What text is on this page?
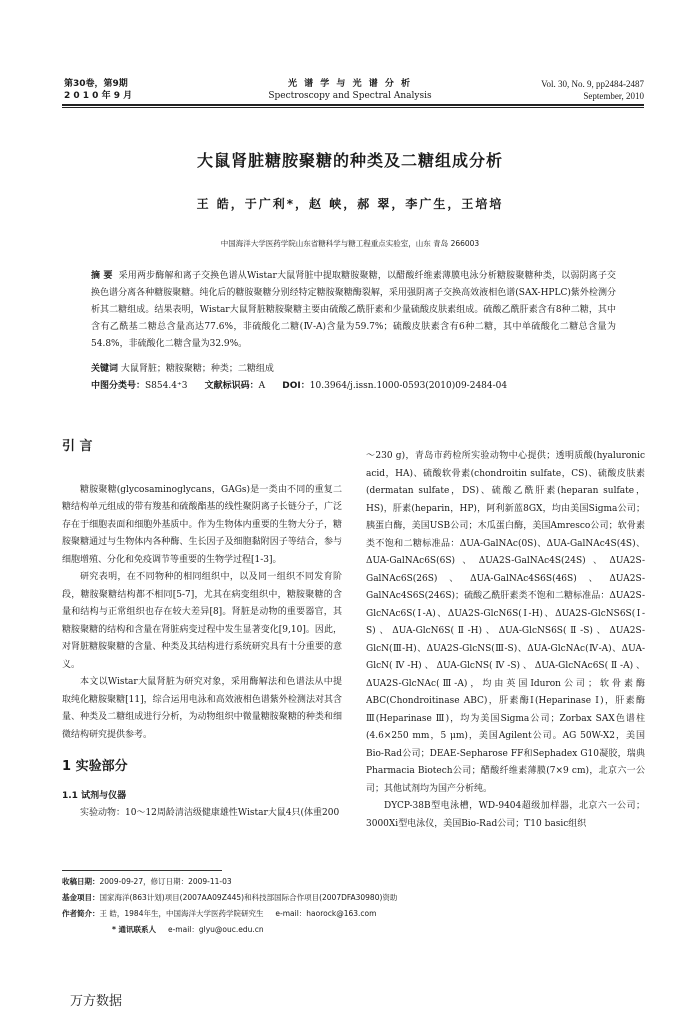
第30卷，第9期
2 0 1 0 年 9 月
光 谱 学 与 光 谱 分 析
Spectroscopy and Spectral Analysis
Vol. 30, No. 9, pp2484-2487
September, 2010
大鼠肾脏糖胺聚糖的种类及二糖组成分析
王 皓，于广利*，赵 峡，郝 翠，李广生，王培培
中国海洋大学医药学院山东省糖科学与糖工程重点实验室，山东 青岛 266003

摘 要 采用两步酶解和离子交换色谱从Wistar大鼠肾脏中提取糖胺聚糖，以醋酸纤维素薄膜电泳分析糖胺聚糖种类，以弱阴离子交换色谱分离各种糖胺聚糖。纯化后的糖胺聚糖分别经特定糖胺聚糖酶裂解，采用强阴离子交换高效液相色谱(SAX-HPLC)紫外检测分析其二糖组成。结果表明，Wistar大鼠肾脏糖胺聚糖主要由硫酸乙酰肝素和少量硫酸皮肤素组成。硫酸乙酰肝素含有8种二糖，其中含有乙酰基二糖总含量高达77.6%，非硫酸化二糖(Ⅳ-A)含量为59.7%；硫酸皮肤素含有6种二糖，其中单硫酸化二糖总含量为54.8%，非硫酸化二糖含量为32.9%。

关键词 大鼠肾脏；糖胺聚糖；种类；二糖组成
中图分类号：S854.4⁺3 文献标识码：A DOI：10.3964/j.issn.1000-0593(2010)09-2484-04
引 言

糖胺聚糖(glycosaminoglycans，GAGs)是一类由不同的重复二糖结构单元组成的带有羧基和硫酸酯基的线性聚阴离子长链分子，广泛存在于细胞表面和细胞外基质中。作为生物体内重要的生物大分子，糖胺聚糖通过与生物体内各种酶、生长因子及细胞黏附因子等结合，参与细胞增殖、分化和免疫调节等重要的生物学过程[1-3]。

研究表明，在不同物种的相同组织中，以及同一组织不同发育阶段，糖胺聚糖结构都不相同[5-7]，尤其在病变组织中，糖胺聚糖的含量和结构与正常组织也存在较大差异[8]。肾脏是动物的重要器官，其糖胺聚糖的结构和含量在肾脏病变过程中发生显著变化[9,10]。因此，对肾脏糖胺聚糖的含量、种类及其结构进行系统研究具有十分重要的意义。

本文以Wistar大鼠肾脏为研究对象，采用酶解法和色谱法从中提取纯化糖胺聚糖[11]，综合运用电泳和高效液相色谱紫外检测法对其含量、种类及二糖组成进行分析，为动物组织中微量糖胺聚糖的种类和细微结构研究提供参考。

1 实验部分
1.1 试剂与仪器

实验动物：10～12周龄清洁级健康雄性Wistar大鼠4只(体重200

～230 g)，青岛市药检所实验动物中心提供；透明质酸(hyaluronic acid，HA)、硫酸软骨素(chondroitin sulfate，CS)、硫酸皮肤素(dermatan sulfate，DS)、硫酸乙酰肝素(heparan sulfate，HS)，肝素(heparin，HP)，阿利新蓝8GX，均由美国Sigma公司；胰蛋白酶，美国USB公司；木瓜蛋白酶，美国Amresco公司；软骨素类不饱和二糖标准品：ΔUA-GalNAc(0S)、ΔUA-GalNAc4S(4S)、ΔUA-GalNAc6S(6S)、ΔUA2S-GalNAc4S(24S)、ΔUA2S-GalNAc6S(26S)、ΔUA-GalNAc4S6S(46S)、ΔUA2S-GalNAc4S6S(246S)；硫酸乙酰肝素类不饱和二糖标准品：ΔUA2S-GlcNAc6S(Ⅰ-A)、ΔUA2S-GlcN6S(Ⅰ-H)、ΔUA2S-GlcNS6S(Ⅰ-S)、ΔUA-GlcN6S(Ⅱ-H)、ΔUA-GlcNS6S(Ⅱ-S)、ΔUA2S-GlcN(Ⅲ-H)、ΔUA2S-GlcNS(Ⅲ-S)、ΔUA-GlcNAc(Ⅳ-A)、ΔUA-GlcN(Ⅳ-H)、ΔUA-GlcNS(Ⅳ-S)、ΔUA-GlcNAc6S(Ⅱ-A)、ΔUA2S-GlcNAc(Ⅲ-A)，均由英国Iduron公司；软骨素酶ABC(Chondroitinase ABC)，肝素酶Ⅰ(Heparinase Ⅰ)，肝素酶Ⅲ(Heparinase Ⅲ)，均为美国Sigma公司；Zorbax SAX色谱柱(4.6×250 mm，5 μm)，美国Agilent公司。AG 50W-X2，美国Bio-Rad公司；DEAE-Sepharose FF和Sephadex G10凝胶，瑞典Pharmacia Biotech公司；醋酸纤维素薄膜(7×9 cm)，北京六一公司；其他试剂均为国产分析纯。

DYCP-38B型电泳槽，WD-9404超级加样器，北京六一公司；3000Xi型电泳仪，美国Bio-Rad公司；T10 basic组织

收稿日期：2009-09-27，修订日期：2009-11-03
基金项目：国家海洋(863计划)项目(2007AA09Z445)和科技部国际合作项目(2007DFA30980)资助
作者简介：王 皓，1984年生，中国海洋大学医药学院研究生 e-mail：haorock@163.com
* 通讯联系人 e-mail：glyu@ouc.edu.cn
万方数据
